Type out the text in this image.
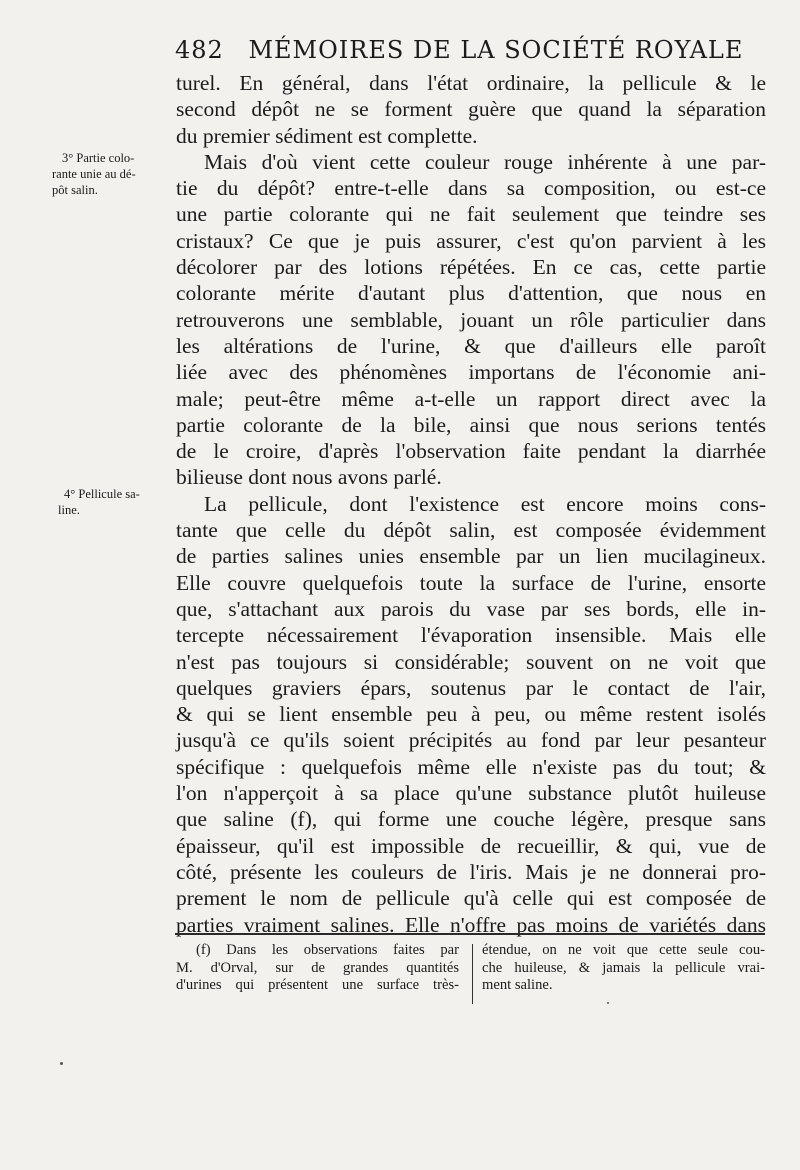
482 MÉMOIRES DE LA SOCIÉTÉ ROYALE
3° Partie colo-
rante unie au dé-
pôt salin.
4° Pellicule sa-
line.
turel. En général, dans l'état ordinaire, la pellicule & le
second dépôt ne se forment guère que quand la séparation
du premier sédiment est complette.
Mais d'où vient cette couleur rouge inhérente à une par-
tie du dépôt? entre-t-elle dans sa composition, ou est-ce
une partie colorante qui ne fait seulement que teindre ses
cristaux? Ce que je puis assurer, c'est qu'on parvient à les
décolorer par des lotions répétées. En ce cas, cette partie
colorante mérite d'autant plus d'attention, que nous en
retrouverons une semblable, jouant un rôle particulier dans
les altérations de l'urine, & que d'ailleurs elle paroît
liée avec des phénomènes importans de l'économie ani-
male; peut-être même a-t-elle un rapport direct avec la
partie colorante de la bile, ainsi que nous serions tentés
de le croire, d'après l'observation faite pendant la diarrhée
bilieuse dont nous avons parlé.
La pellicule, dont l'existence est encore moins cons-
tante que celle du dépôt salin, est composée évidemment
de parties salines unies ensemble par un lien mucilagineux.
Elle couvre quelquefois toute la surface de l'urine, ensorte
que, s'attachant aux parois du vase par ses bords, elle in-
tercepte nécessairement l'évaporation insensible. Mais elle
n'est pas toujours si considérable; souvent on ne voit que
quelques graviers épars, soutenus par le contact de l'air,
& qui se lient ensemble peu à peu, ou même restent isolés
jusqu'à ce qu'ils soient précipités au fond par leur pesanteur
spécifique : quelquefois même elle n'existe pas du tout; &
l'on n'apperçoit à sa place qu'une substance plutôt huileuse
que saline (f), qui forme une couche légère, presque sans
épaisseur, qu'il est impossible de recueillir, & qui, vue de
côté, présente les couleurs de l'iris. Mais je ne donnerai pro-
prement le nom de pellicule qu'à celle qui est composée de
parties vraiment salines. Elle n'offre pas moins de variétés dans
(f) Dans les observations faites par
M. d'Orval, sur de grandes quantités
d'urines qui présentent une surface très-
étendue, on ne voit que cette seule cou-
che huileuse, & jamais la pellicule vrai-
ment saline.
